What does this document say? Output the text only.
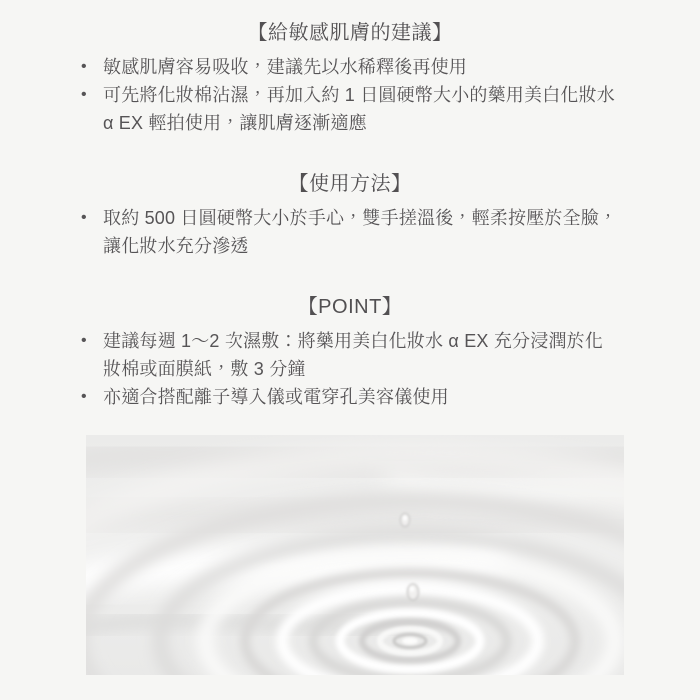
【給敏感肌膚的建議】
• 敏感肌膚容易吸收，建議先以水稀釋後再使用
• 可先將化妝棉沾濕，再加入約 1 日圓硬幣大小的藥用美白化妝水 α EX 輕拍使用，讓肌膚逐漸適應
【使用方法】
• 取約 500 日圓硬幣大小於手心，雙手搓溫後，輕柔按壓於全臉，讓化妝水充分滲透
【POINT】
• 建議每週 1〜2 次濕敷：將藥用美白化妝水 α EX 充分浸潤於化妝棉或面膜紙，敷 3 分鐘
• 亦適合搭配離子導入儀或電穿孔美容儀使用
